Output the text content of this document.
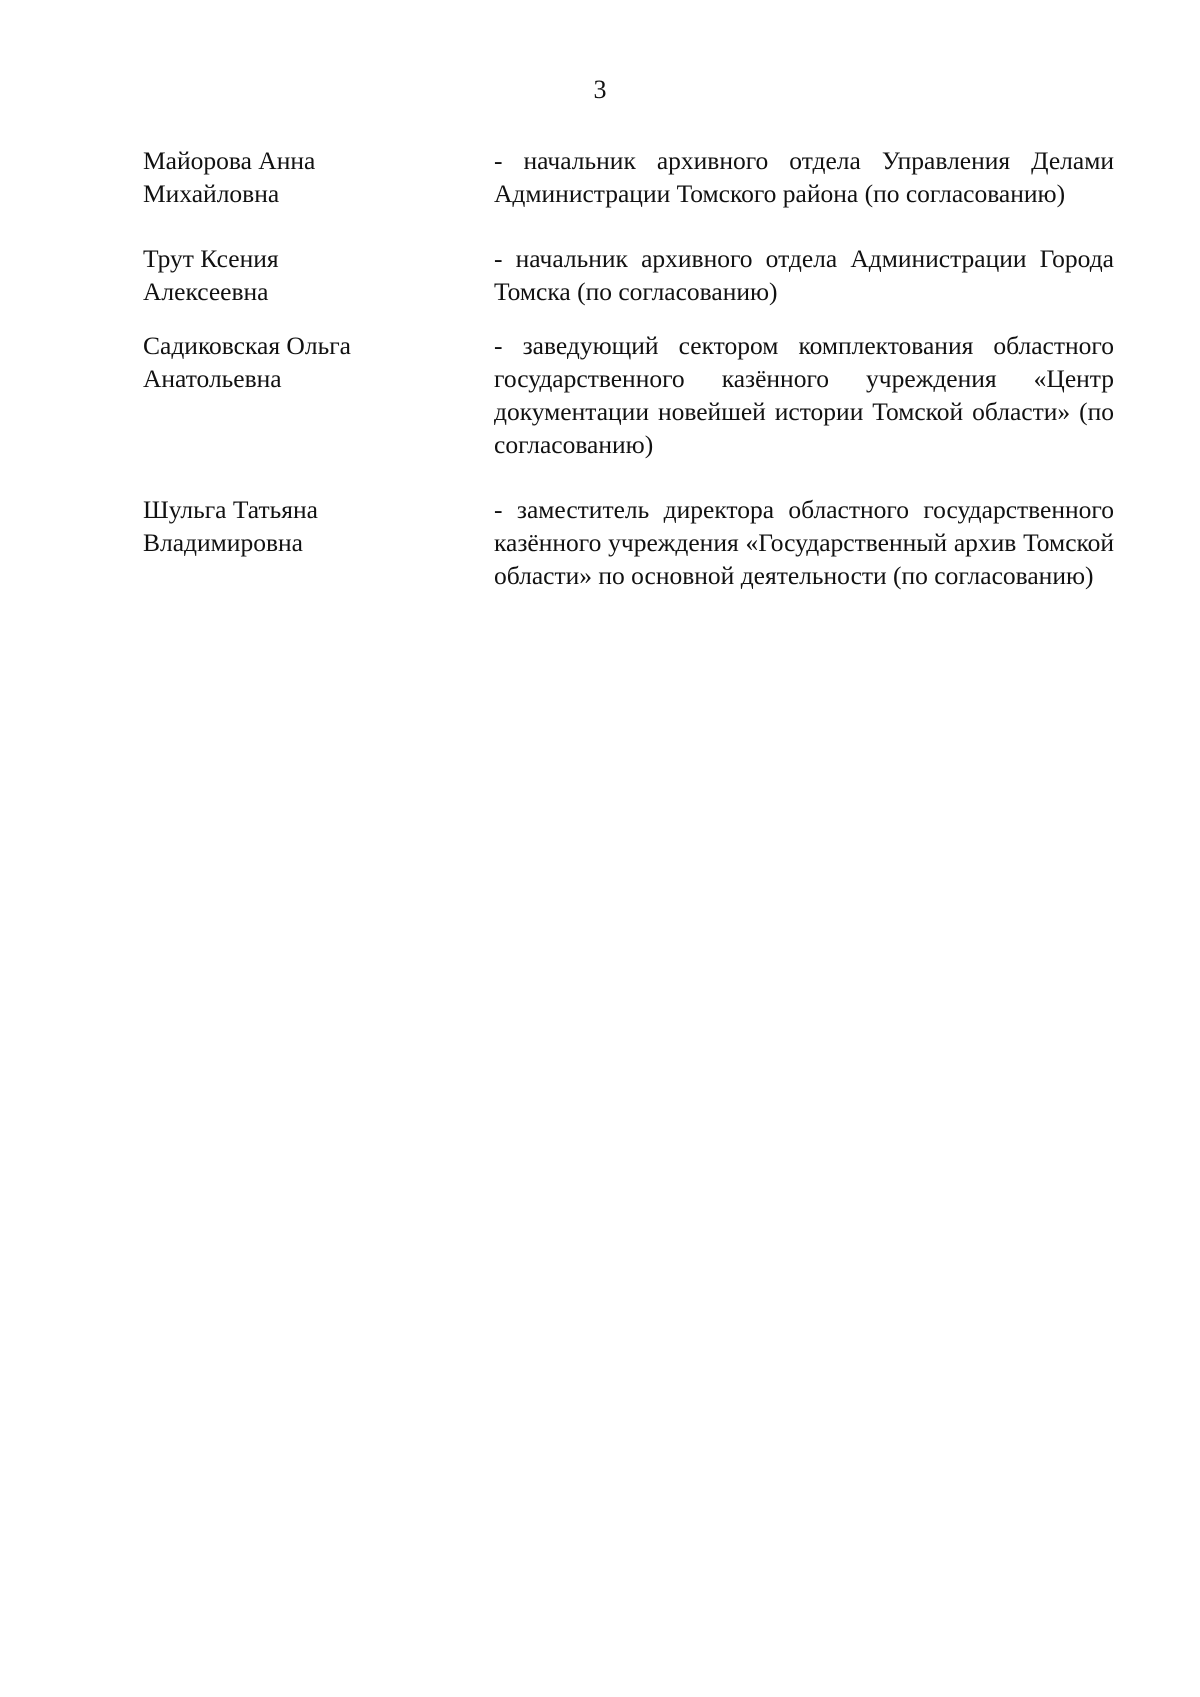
3
Майорова Анна
Михайловна
- начальник архивного отдела Управления Делами Администрации Томского района (по согласованию)
Трут Ксения
Алексеевна
- начальник архивного отдела Администрации Города Томска (по согласованию)
Садиковская Ольга
Анатольевна
- заведующий сектором комплектования областного государственного казённого учреждения «Центр документации новейшей истории Томской области» (по согласованию)
Шульга Татьяна
Владимировна
- заместитель директора областного государственного казённого учреждения «Государственный архив Томской области» по основной деятельности (по согласованию)
